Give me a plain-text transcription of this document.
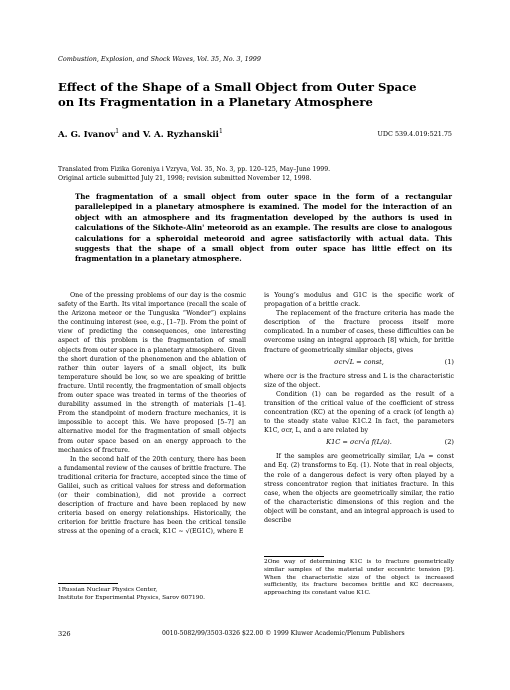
Combustion, Explosion, and Shock Waves, Vol. 35, No. 3, 1999
Effect of the Shape of a Small Object from Outer Space
on Its Fragmentation in a Planetary Atmosphere
A. G. Ivanov$^1$ and V. A. Ryzhanskii$^1$	UDC 539.4.019:521.75
Translated from Fizika Goreniya i Vzryva, Vol. 35, No. 3, pp. 120–125, May–June 1999.
Original article submitted July 21, 1998; revision submitted November 12, 1998.
The fragmentation of a small object from outer space in the form of a rectangular parallelepiped in a planetary atmosphere is examined. The model for the interaction of an object with an atmosphere and its fragmentation developed by the authors is used in calculations of the Sikhote-Alin' meteoroid as an example. The results are close to analogous calculations for a spheroidal meteoroid and agree satisfactorily with actual data. This suggests that the shape of a small object from outer space has little effect on its fragmentation in a planetary atmosphere.

One of the pressing problems of our day is the cosmic safety of the Earth. Its vital importance (recall the scale of the Arizona meteor or the Tunguska “Wonder”) explains the continuing interest (see, e.g., [1–7]). From the point of view of predicting the consequences, one interesting aspect of this problem is the fragmentation of small objects from outer space in a planetary atmosphere. Given the short duration of the phenomenon and the ablation of rather thin outer layers of a small object, its bulk temperature should be low, so we are speaking of brittle fracture. Until recently, the fragmentation of small objects from outer space was treated in terms of the theories of durability assumed in the strength of materials [1–4]. From the standpoint of modern fracture mechanics, it is impossible to accept this. We have proposed [5–7] an alternative model for the fragmentation of small objects from outer space based on an energy approach to the mechanics of fracture.

In the second half of the 20th century, there has been a fundamental review of the causes of brittle fracture. The traditional criteria for fracture, accepted since the time of Galilei, such as critical values for stress and deformation (or their combination), did not provide a correct description of fracture and have been replaced by new criteria based on energy relationships. Historically, the criterion for brittle fracture has been the critical tensile stress at the opening of a crack, K1C ∼ √(EG1C), where E

1Russian Nuclear Physics Center,

Institute for Experimental Physics, Sarov 607190.

is Young’s modulus and G1C is the specific work of propagation of a brittle crack.

The replacement of the fracture criteria has made the description of the fracture process itself more complicated. In a number of cases, these difficulties can be overcome using an integral approach [8] which, for brittle fracture of geometrically similar objects, gives

σcr√L = const,	(1)

where σcr is the fracture stress and L is the characteristic size of the object.

Condition (1) can be regarded as the result of a transition of the critical value of the coefficient of stress concentration (KC) at the opening of a crack (of length a) to the steady state value K1C.2 In fact, the parameters K1C, σcr, L, and a are related by

K1C = σcr√a f(L/a).	(2)

If the samples are geometrically similar, L/a = const and Eq. (2) transforms to Eq. (1). Note that in real objects, the role of a dangerous defect is very often played by a stress concentrator region that initiates fracture. In this case, when the objects are geometrically similar, the ratio of the characteristic dimensions of this region and the object will be constant, and an integral approach is used to describe

2One way of determining K1C is to fracture geometrically similar samples of the material under eccentric tension [9]. When the characteristic size of the object is increased sufficiently, its fracture becomes brittle and KC decreases, approaching its constant value K1C.

326	0010-5082/99/3503-0326 $22.00 © 1999 Kluwer Academic/Plenum Publishers
